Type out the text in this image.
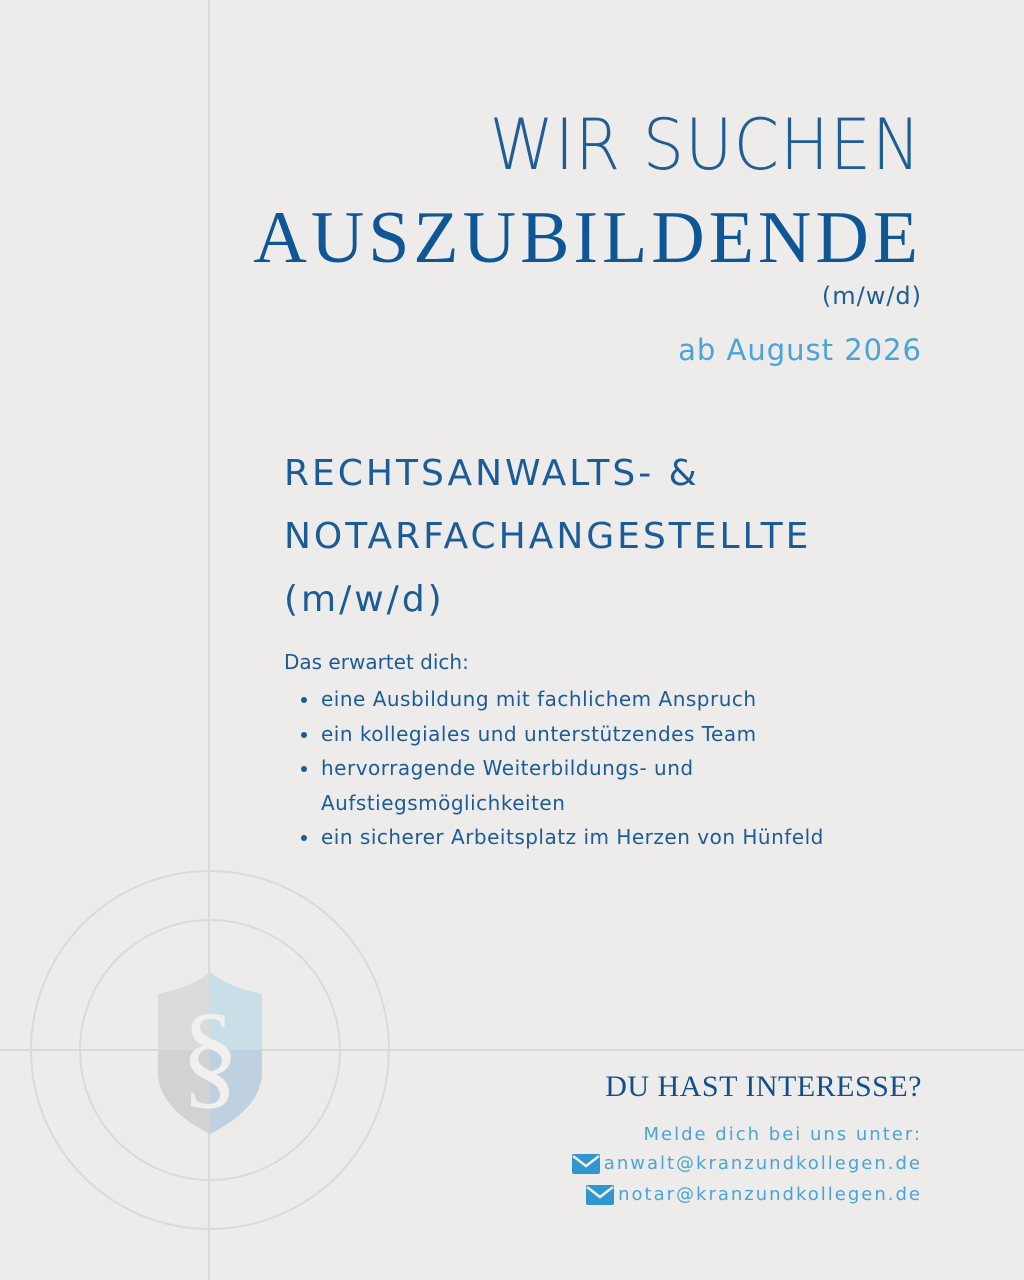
§
WIR SUCHEN
AUSZUBILDENDE
(m/w/d)
ab August 2026
RECHTSANWALTS- &
NOTARFACHANGESTELLTE
(m/w/d)
Das erwartet dich:
eine Ausbildung mit fachlichem Anspruch
ein kollegiales und unterstützendes Team
hervorragende Weiterbildungs- und Aufstiegsmöglichkeiten
ein sicherer Arbeitsplatz im Herzen von Hünfeld
DU HAST INTERESSE?
Melde dich bei uns unter:
anwalt@kranzundkollegen.de
notar@kranzundkollegen.de
